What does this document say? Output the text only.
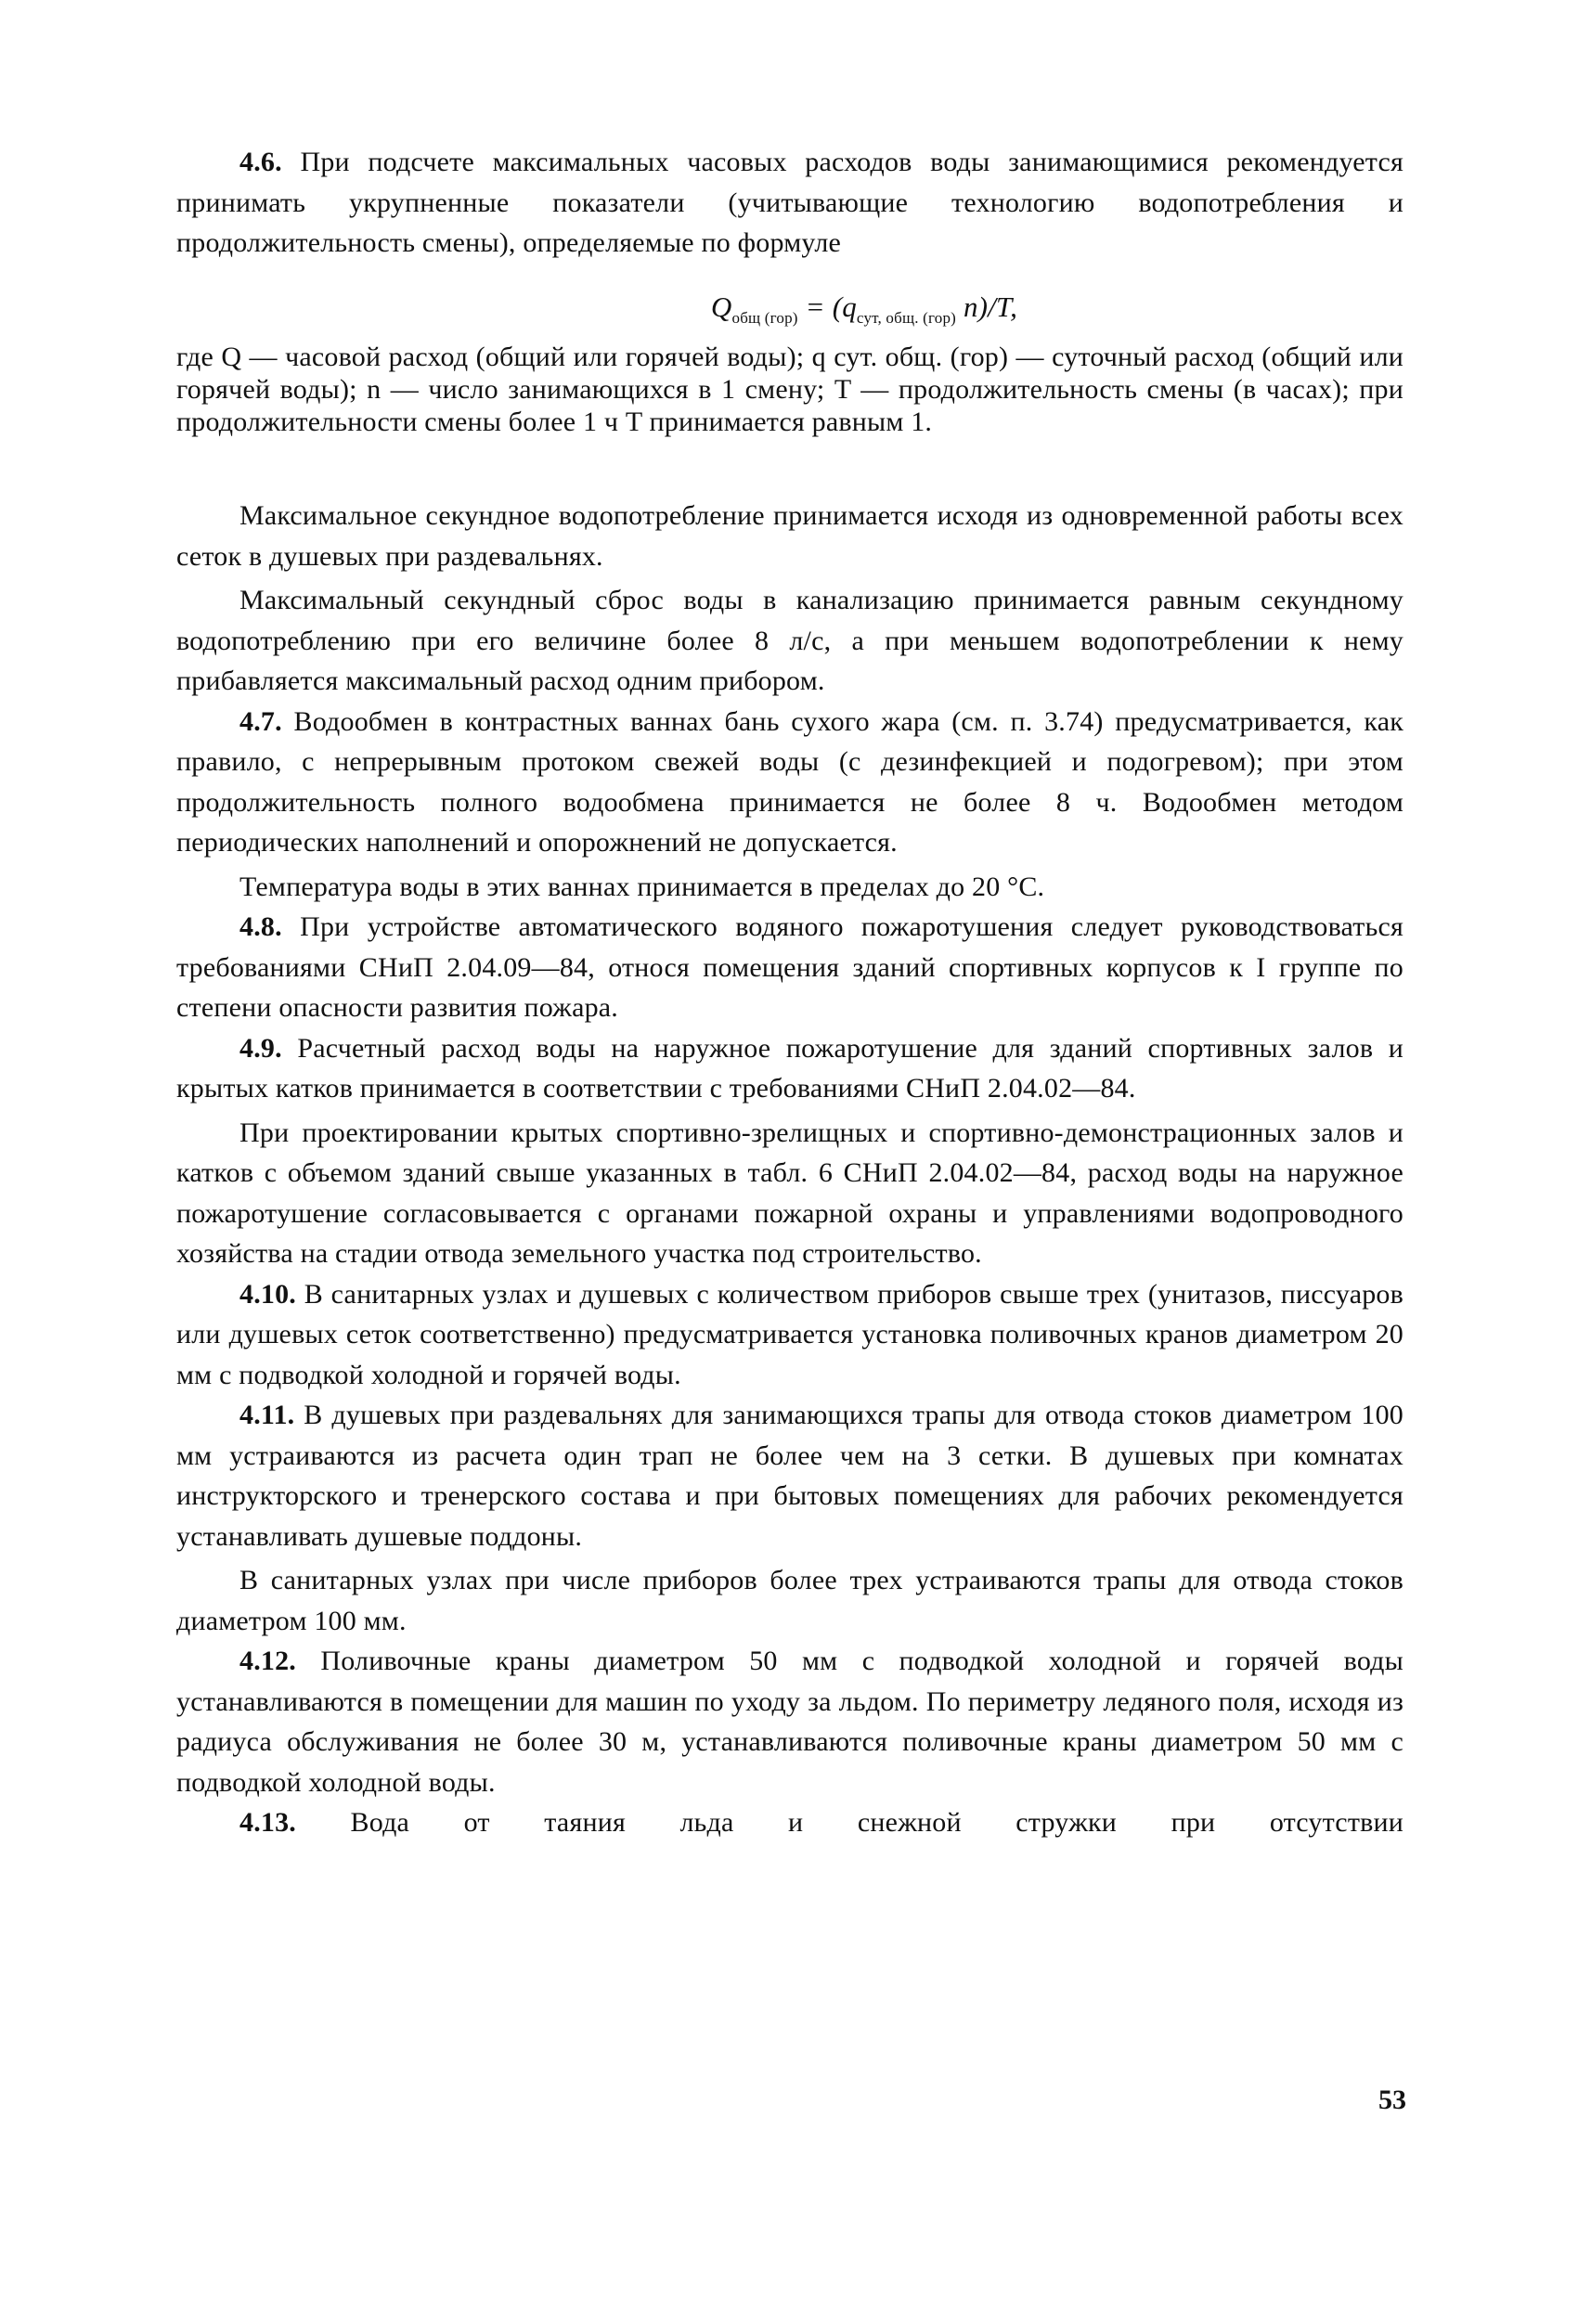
4.6. При подсчете максимальных часовых расходов воды занимающимися рекомендуется принимать укрупненные показатели (учитывающие технологию водопотребления и продолжительность смены), определяемые по формуле

$Q_{общ (гор)} = (q_{сут, общ. (гор)}$ n)/T,

где Q — часовой расход (общий или горячей воды); q сут. общ. (гор) — суточный расход (общий или горячей воды); n — число занимающихся в 1 смену; T — продолжительность смены (в часах); при продолжительности смены более 1 ч T принимается равным 1.

Максимальное секундное водопотребление принимается исходя из одновременной работы всех сеток в душевых при раздевальнях.

Максимальный секундный сброс воды в канализацию принимается равным секундному водопотреблению при его величине более 8 л/с, а при меньшем водопотреблении к нему прибавляется максимальный расход одним прибором.

4.7. Водообмен в контрастных ваннах бань сухого жара (см. п. 3.74) предусматривается, как правило, с непрерывным протоком свежей воды (с дезинфекцией и подогревом); при этом продолжительность полного водообмена принимается не более 8 ч. Водообмен методом периодических наполнений и опорожнений не допускается.

Температура воды в этих ваннах принимается в пределах до 20 °C.

4.8. При устройстве автоматического водяного пожаротушения следует руководствоваться требованиями СНиП 2.04.09—84, относя помещения зданий спортивных корпусов к I группе по степени опасности развития пожара.

4.9. Расчетный расход воды на наружное пожаротушение для зданий спортивных залов и крытых катков принимается в соответствии с требованиями СНиП 2.04.02—84.

При проектировании крытых спортивно-зрелищных и спортивно-демонстрационных залов и катков с объемом зданий свыше указанных в табл. 6 СНиП 2.04.02—84, расход воды на наружное пожаротушение согласовывается с органами пожарной охраны и управлениями водопроводного хозяйства на стадии отвода земельного участка под строительство.

4.10. В санитарных узлах и душевых с количеством приборов свыше трех (унитазов, писсуаров или душевых сеток соответственно) предусматривается установка поливочных кранов диаметром 20 мм с подводкой холодной и горячей воды.

4.11. В душевых при раздевальнях для занимающихся трапы для отвода стоков диаметром 100 мм устраиваются из расчета один трап не более чем на 3 сетки. В душевых при комнатах инструкторского и тренерского состава и при бытовых помещениях для рабочих рекомендуется устанавливать душевые поддоны.

В санитарных узлах при числе приборов более трех устраиваются трапы для отвода стоков диаметром 100 мм.

4.12. Поливочные краны диаметром 50 мм с подводкой холодной и горячей воды устанавливаются в помещении для машин по уходу за льдом. По периметру ледяного поля, исходя из радиуса обслуживания не более 30 м, устанавливаются поливочные краны диаметром 50 мм с подводкой холодной воды.

4.13. Вода от таяния льда и снежной стружки при отсутствии

53
